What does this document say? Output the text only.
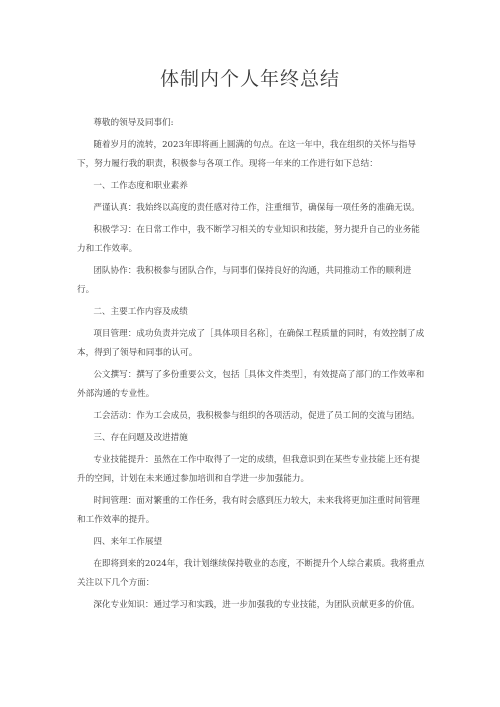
体制内个人年终总结

尊敬的领导及同事们:

随着岁月的流转，2023年即将画上圆满的句点。在这一年中，我在组织的关怀与指导下，努力履行我的职责，积极参与各项工作。现将一年来的工作进行如下总结：

一、工作态度和职业素养

严谨认真：我始终以高度的责任感对待工作，注重细节，确保每一项任务的准确无误。

积极学习：在日常工作中，我不断学习相关的专业知识和技能，努力提升自己的业务能力和工作效率。

团队协作：我积极参与团队合作，与同事们保持良好的沟通，共同推动工作的顺利进行。

二、主要工作内容及成绩

项目管理：成功负责并完成了［具体项目名称］，在确保工程质量的同时，有效控制了成本，得到了领导和同事的认可。

公文撰写：撰写了多份重要公文，包括［具体文件类型］，有效提高了部门的工作效率和外部沟通的专业性。

工会活动：作为工会成员，我积极参与组织的各项活动，促进了员工间的交流与团结。

三、存在问题及改进措施

专业技能提升：虽然在工作中取得了一定的成绩，但我意识到在某些专业技能上还有提升的空间，计划在未来通过参加培训和自学进一步加强能力。

时间管理：面对繁重的工作任务，我有时会感到压力较大，未来我将更加注重时间管理和工作效率的提升。

四、来年工作展望

在即将到来的2024年，我计划继续保持敬业的态度，不断提升个人综合素质。我将重点关注以下几个方面：

深化专业知识：通过学习和实践，进一步加强我的专业技能，为团队贡献更多的价值。
